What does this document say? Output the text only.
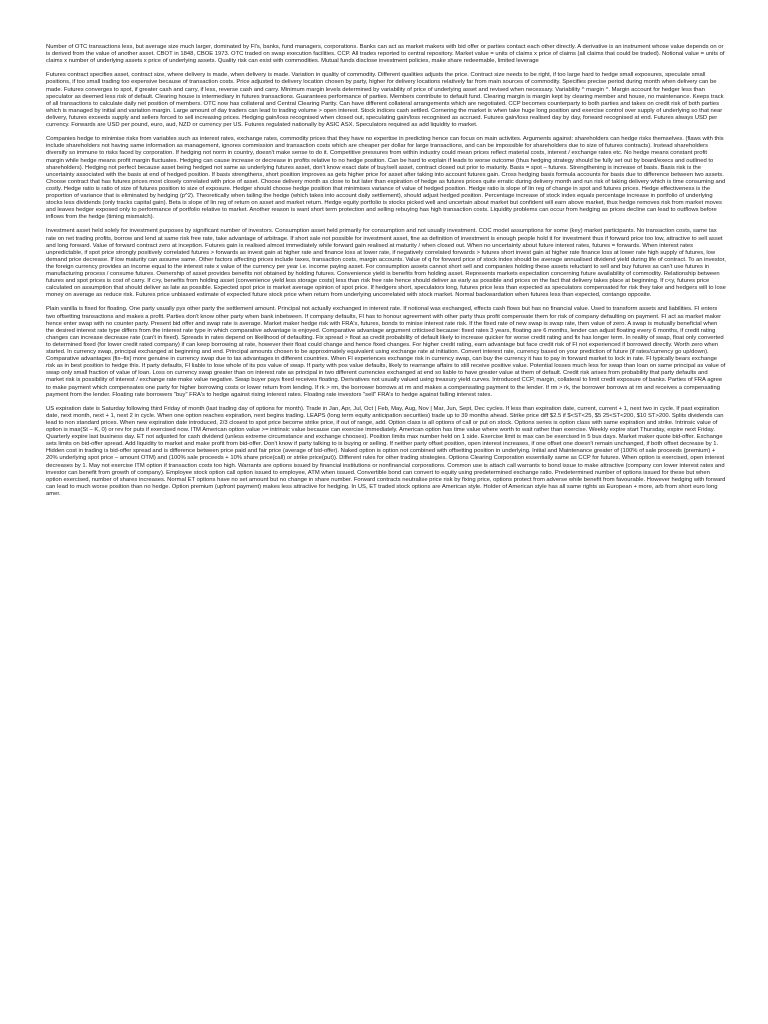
Number of OTC transactions less, but average size much larger, dominated by FI's, banks, fund managers, corporations. Banks can act as market makers with bid offer or parties contact each other directly. A derivative is an instrument whose value depends on or is derived from the value of another asset. CBOT in 1848, CBOE 1973. OTC traded on swap execution facilities. CCP. All trades reported to central repository. Market value = units of claims x price of claims (all claims that could be traded). Notional value = units of claims x number of underlying assets x price of underlying assets. Quality risk can exist with commodities. Mutual funds disclose investment policies, make share redeemable, limited leverage

Futures contract specifies asset, contract size, where delivery is made, when delivery is made. Variation in quality of commodity. Different qualities adjusts the price. Contract size needs to be right, if too large hard to hedge small exposures, speculate small positions, if too small trading too expensive because of transaction costs. Price adjusted to delivery location chosen by party, higher for delivery locations relatively far from main sources of commodity. Specifies precise period during month when delivery can be made. Futures converges to spot, if greater cash and carry, if less, reverse cash and carry. Minimum margin levels determined by variability of price of underlying asset and revised when necessary. Variability ^ margin ^. Margin account for hedger less than speculator as deemed less risk of default. Clearing house is intermediary in futures transactions. Guarantees performance of parties. Members contribute to default fund. Clearing margin is margin kept by clearing member and house, no maintenance. Keeps track of all transactions to calculate daily net position of members. OTC now has collateral and Central Clearing Partty. Can have different collateral arrangements which are negotiated. CCP becomes counterparty to both parties and takes on credit risk of both parties which is managed by initial and variation margin. Large amount of day traders can lead to trading volume > open interest. Stock indices cash settled. Cornering the market is when take huge long position and exercise control over supply of underlying so that near delivery, futures exceeds supply and sellers forced to sell increasing prices. Hedging gain/loss recognised when closed out, speculating gain/loss recognised as accrued. Futures gain/loss realised day by day, forward recognised at end. Futures always USD per currency. Forwards are USD per pound, euro, aud, NZD or currency per US. Futures regulated nationally by ASIC ASX. Speculators required as add liquidity to market.

Companies hedge to minimise risks from variables such as interest rates, exchange rates, commodity prices that they have no expertise in predicting hence can focus on main activites. Arguments against: shareholders can hedge risks themselves. (flaws with this include shareholders not having same information as management, ignores commission and transaction costs which are cheaper per dollar for large transactions, and can be impossible for shareholders due to size of futures contracts). Instead shareholders diversify so immune to risks faced by corporation. If hedging not norm in country, doesn't make sense to do it. Competitive pressures from within industry could mean prices reflect material costs, interest / exchange rates etc. No hedge means constant profit margin while hedge means profit margin fluctuates. Hedging can cause increase or decrease in profits relative to no hedge position. Can be hard to explain if leads to worse outcome (thus hedging strategy should be fully set out by board/execs and outlined to shareholders). Hedging not perfect because asset being hedged not same as underlying futures asset, don't know exact date of buy/sell asset, contract closed out prior to maturity. Basis = spot – futures. Strengthening is increase of basis. Basis risk is the uncertainty associated with the basis at end of hedged position. If basis strengthens, short position improves as gets higher price for asset after taking into account futures gain. Cross hedging basis formula accounts for basis due to difference between two assets. Choose contract that has futures prices most closely correlated with price of asset. Choose delivery month as close to but later than expiration of hedge as futures prices quite erratic during delivery month and run risk of taking delivery which is time consuming and costly. Hedge ratio is ratio of size of futures position to size of exposure. Hedger should choose hedge position that minimises variance of value of hedged position. Hedge ratio is slope of lin reg of change in spot and futures prices. Hedge effectiveness is the proportion of variance that is eliminated by hedging (p^2). Theoretically when tailing the hedge (which takes into account daily settlement), should adjust hedged position. Percentage increase of stock index equals percentage increase in portfolio of underlying stocks less dividends (only tracks capital gain). Beta is slope of lin reg of return on asset and market return. Hedge equity portfolio is stocks picked well and uncertain about market but confident will earn above market, thus hedge removes risk from market moves and leaves hedger exposed only to performance of portfolio relative to market. Another reason is want short term protection and selling rebuying has high transaction costs. Liquidity problems can occur from hedging as prices decline can lead to outflows before inflows from the hedge (timing mismatch).

Investment asset held solely for investment purposes by significant number of investors. Consumption asset held primarily for consumption and not usually investment. COC model assumptions for some (key) market participants. No transaction costs, same tax rate on net trading profits, borrow and lend at same risk free rate, take advantage of arbitrage. If short sale not possible for investment asset, fine as definition of investment is enough people hold it for investment thus if forward price too low, attractive to sell asset and long forward. Value of forward contract zero at inception. Futures gain is realised almost immediately while forward gain realised at maturity / when closed out. When no uncertainty about future interest rates, futures = forwards. When interest rates unpredictable, if spot price strongly positively correlated futures > forwards as invest gain at higher rate and finance loss at lower rate, if negatively correlated forwards > futures short invest gain at higher rate finance loss at lower rate high supply of futures, low demand price decrease. If low maturity can assume same. Other factors affecting prices include taxes, transaction costs, margin accounts. Value of q for forward price of stock index should be average annualised dividend yield during life of contract. To an investor, the foreign currency provides an income equal to the interest rate x value of the currency per year i.e. income paying asset. For consumption assets cannot short sell and companies holding these assets reluctant to sell and buy futures as can't use futures in manufacturing process / consume futures. Ownership of asset provides benefits not obtained by holding futures. Convenience yield is benefits from holding asset. Represents markets expectation concerning future availability of commodity. Relationship between futures and spot prices is cost of carry. If c>y, benefits from holding asset (convenience yield less storage costs) less than risk free rate hence should deliver as early as possible and prices on the fact that delivery takes place at beginning. If c<y, futures price calculated on assumption that should deliver as late as possible. Expected spot price is market average opinion of spot price. If hedgers short, speculators long, futures price less than expected as speculators compensated for risk they take and hedgers will to lose money on average as reduce risk. Futures price unbiased estimate of expected future stock price when return from underlying uncorrelated with stock market. Normal backwardation when futures less than expected, contango opposite.

Plain vanilla is fixed for floating. One party usually pys other party the settlement amount. Principal not actually exchanged in interest rate. If notional was exchanged, effects cash flows but has no financial value. Used to transform assets and liabilities. FI enters two offsetting transactions and makes a profit. Parties don't know other party when bank inbetween. If company defaults, FI has to honour agreement with other party thus profit compensate them for risk of company defaulting on payment. FI act as market maker hence enter swap with no counter party. Present bid offer and swap rate is average. Market maker hedge risk with FRA's, futures, bonds to minise interest rate risk. If the fixed rate of new swap is swap rate, then value of zero. A swap is mutually beneficial when the desired interest rate type differs from the interest rate type in which comparative advantage is enjoyed. Comparative advantage argument criticised because: fixed rates 3 years, floating are 6 months, lender can adjust floating every 6 months, if credit rating changes can increase decrease rate (can't in fixed). Spreads in rates depend on likelihood of defaulting. Fix spread > float as credit probability of default likely to increase quicker for worse credit rating and fix has longer term. In reality of swap, float only converted to determined fixed (for lower credit rated company) if can keep borrowing at rate, however their float could change and hence fixed changes. For higher credit rating, earn advantage but face credit risk of FI not experienced if borrowed directly. Worth zero when started. In currency swap, principal exchanged at beginning and end. Principal amounts chosen to be approximately equivalent using exchange rate at initiation. Convert interest rate, currency based on your prediction of future (if rates/currency go up/down). Comparative advantages (fix–fix) more genuine in currency swap due to tax advantages in different countries. When FI experiences exchange risk in currency swap, can buy the currency it has to pay in forward market to lock in rate. FI typically bears exchange risk as in best position to hedge this. If party defaults, FI liable to lose whole of its pos value of swap. If party with pos value defaults, likely to rearrange affairs to still receive positive value. Potential losses much less for swap than loan on same principal as value of swap only small fraction of value of loan. Loss on currency swap greater than on interest rate as principal in two different currencies exchanged at end so liable to have greater value at them of default. Credit risk arises from probability that party defaults and market risk is possibility of interest / exchange rate make value negative. Swap buyer pays fixed receives floating. Derivatives not usually valued using treasury yield curves. Introduced CCP, margin, collateral to limit credit exposure of banks. Parties of FRA agree to make payment which compensates one party for higher borrowing costs or lower return from lending. If rk > rm, the borrower borrows at rm and makes a compensating payment to the lender. If rm > rk, the borrower borrows at rm and receives a compensating payment from the lender. Floating rate borrowers "buy" FRA's to hedge against rising interest rates. Floating rate investors "sell" FRA's to hedge against falling interest rates.

US expiration date is Saturday following third Friday of month (last trading day of options for month). Trade in Jan, Apr, Jul, Oct | Feb, May, Aug, Nov | Mar, Jun, Sept, Dec cycles. If less than expiration date, current, current + 1, next two in cycle. If past expiration date, next month, next + 1, next 2 in cycle. When one option reaches expiration, next begins trading. LEAPS (long term equity anticipation securities) trade up to 39 months ahead. Strike price diff $2.5 if $<ST<25, $5 25<ST<200, $10 ST>200. Splits dividends can lead to non standard prices. When new expiration date introduced, 2/3 closest to spot price become strike price, if out of range, add. Option class is all options of call or put on stock. Options series is option class with same expiration and strike. Intrinsic value of option is max(St – K, 0) or rev for puts if exercised now. ITM American option value >= intrinsic value because can exercise immediately. American option has time value where worth to wait rather than exercise. Weekly expire start Thursday, expire next Friday. Quarterly expire last business day. ET not adjusted for cash dividend (unless extreme circumstance and exchange chooses). Position limits max number held on 1 side. Exercise limit is max can be exercised in 5 bus days. Market maker quote bid-offer. Exchange sets limits on bid-offer spread. Add liquidity to market and make profit from bid-offer. Don't know if party talking to is buying or selling. If neither party offset position, open interest increases, if one offset one doesn't remain unchanged, if both offset decrease by 1. Hidden cost in trading is bid-offer spread and is difference between price paid and fair price (average of bid-offer). Naked option is option not combined with offsetting position in underlying. Initial and Maintenance greater of (100% of sale proceeds (premium) + 20% underlying spot price – amount OTM) and (100% sale proceeds + 10% share price(call) or strike price(put)). Different rules for other trading strategies. Options Clearing Corporation essentially same as CCP for futures. When option is exercised, open interest decreases by 1. May not exercise ITM option if transaction costs too high. Warrants are options issued by financial institutions or nonfinancial corporations. Common use is attach call warrants to bond issue to make attractive (company con lower interest rates and investor can benefit from growth of company). Employee stock option call option issued to employee, ATM when issued. Convertible bond can convert to equity using predetermined exchange ratio. Predetermined number of options issued for these but when option exercised, number of shares increases. Normal ET options have no set amount but no change in share number. Forward contracts neutralise price risk by fixing price, options protect from adverse while benefit from favourable. However hedging with forward can lead to much worse position than no hedge. Option premium (upfront payment) makes less attractive for hedging. In US, ET traded stock options are American style. Holder of American style has all same rights as European + more, arb from short euro long amer.
